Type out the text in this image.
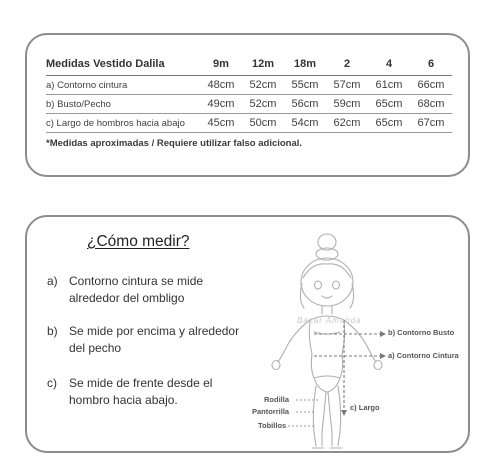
Medidas Vestido Dalila	9m	12m	18m	2	4	6
a) Contorno cintura	48cm	52cm	55cm	57cm	61cm	66cm
b) Busto/Pecho	49cm	52cm	56cm	59cm	65cm	68cm
c) Largo de hombros hacia abajo	45cm	50cm	54cm	62cm	65cm	67cm
*Medidas aproximadas / Requiere utilizar falso adicional.
¿Cómo medir?
a) Contorno cintura se mide alrededor del ombligo
b) Se mide por encima y alrededor del pecho
c) Se mide de frente desde el hombro hacia abajo.
Bazar Amanda
b) Contorno Busto
a) Contorno Cintura
c) Largo
Rodilla
Pantorrilla
Tobillos
